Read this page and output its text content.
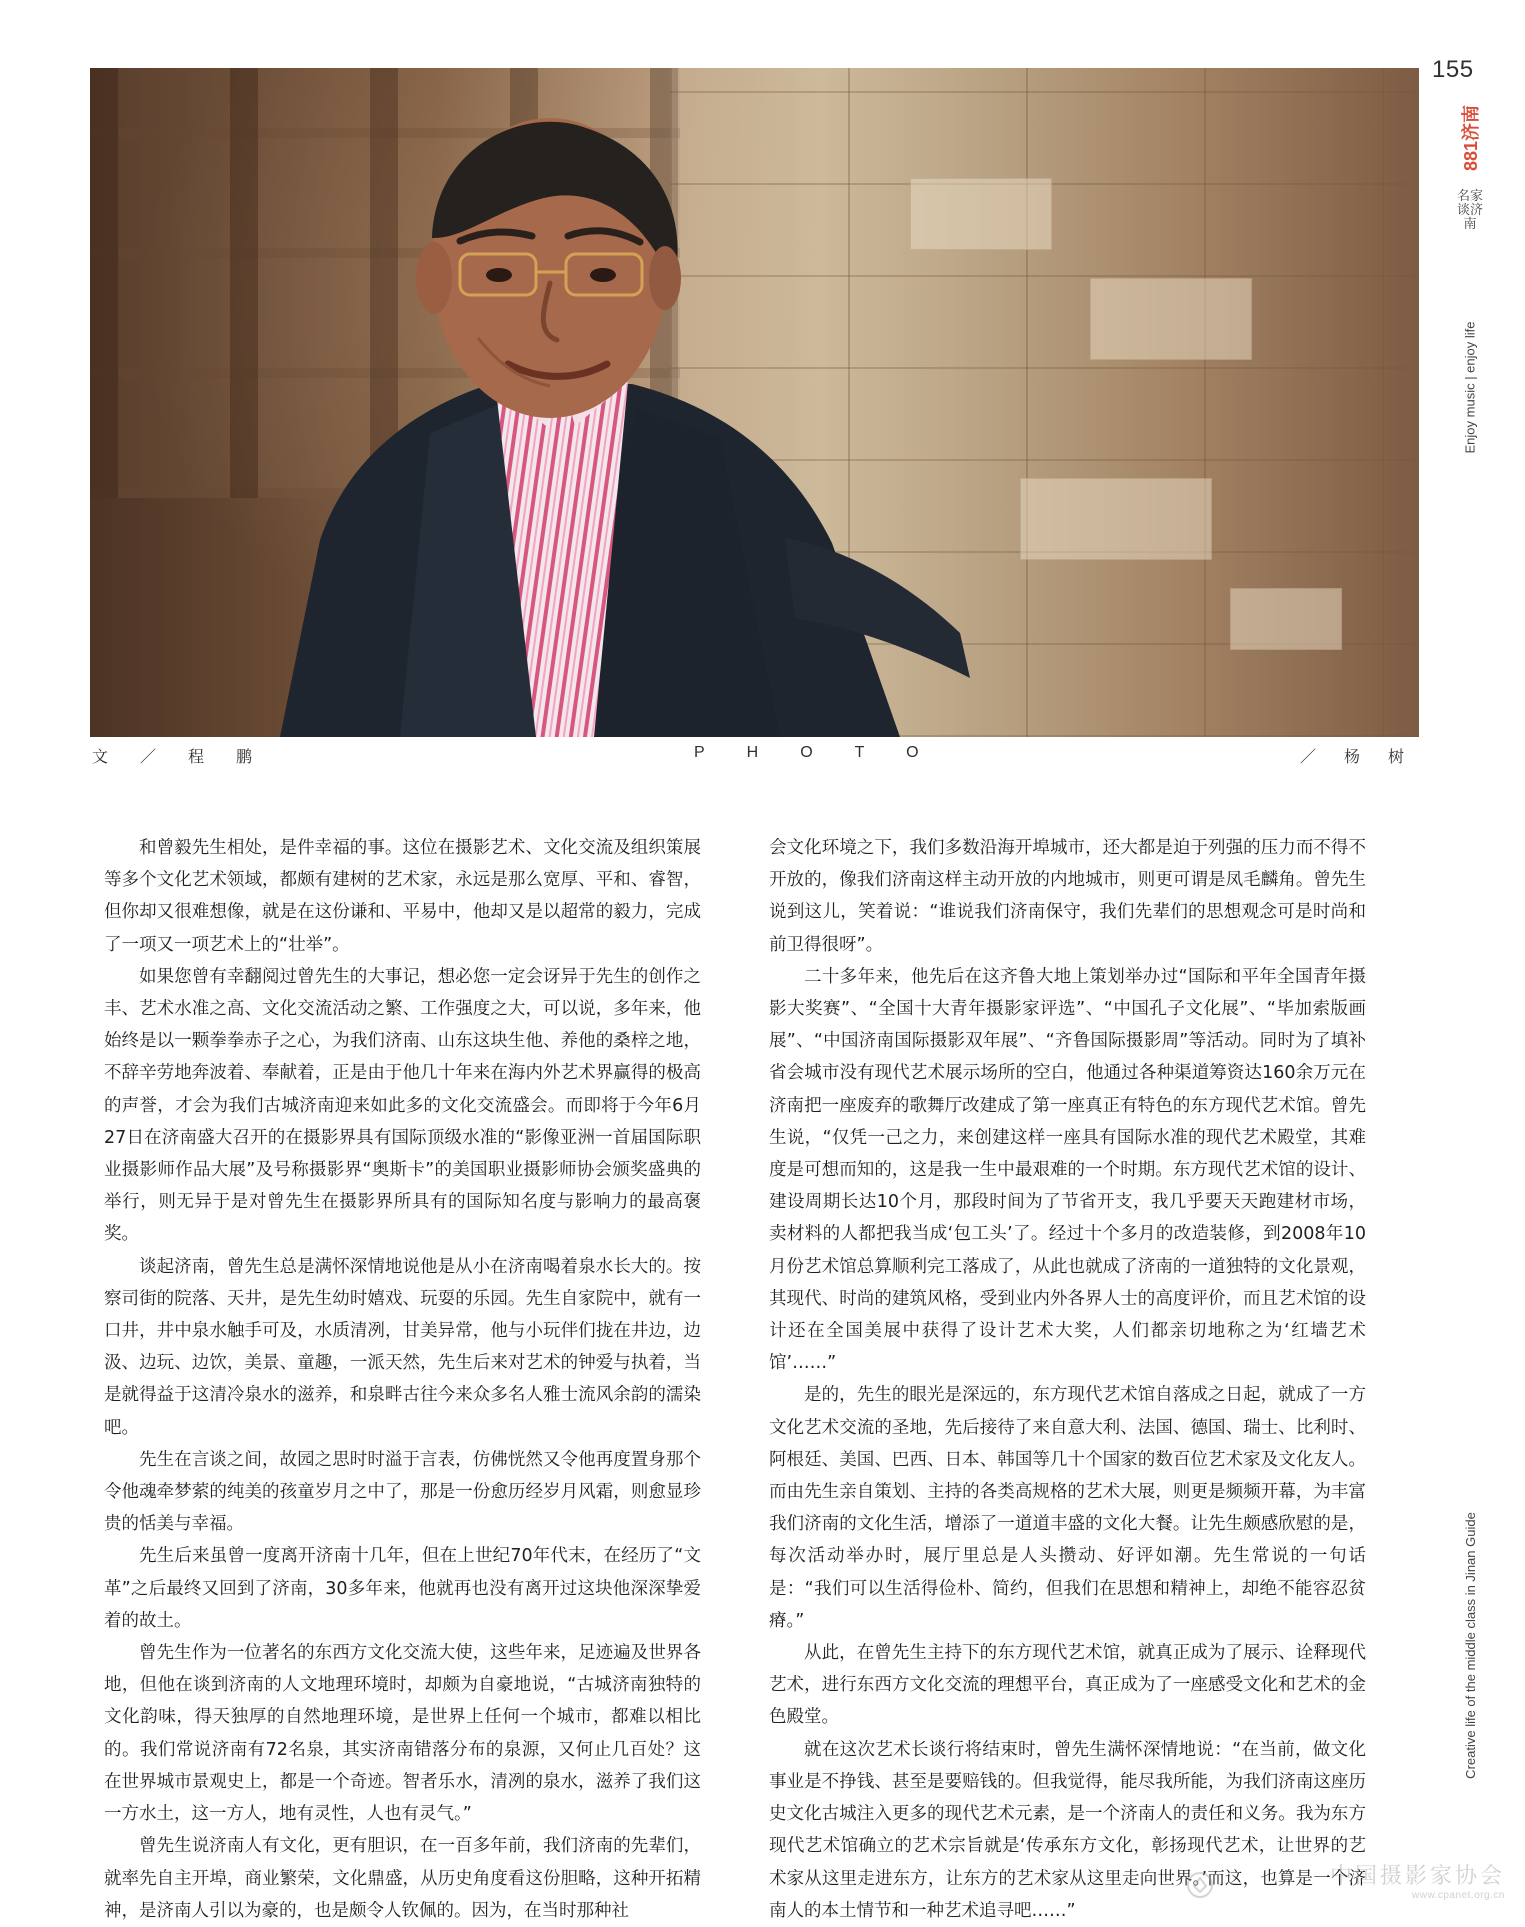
155
881济南
名家谈济南
Enjoy music | enjoy life
Creative life of the middle class in Jinan Guide
文／程鹏	PHOTO	／杨树

和曾毅先生相处，是件幸福的事。这位在摄影艺术、文化交流及组织策展等多个文化艺术领域，都颇有建树的艺术家，永远是那么宽厚、平和、睿智，但你却又很难想像，就是在这份谦和、平易中，他却又是以超常的毅力，完成了一项又一项艺术上的“壮举”。

如果您曾有幸翻阅过曾先生的大事记，想必您一定会讶异于先生的创作之丰、艺术水准之高、文化交流活动之繁、工作强度之大，可以说，多年来，他始终是以一颗拳拳赤子之心，为我们济南、山东这块生他、养他的桑梓之地，不辞辛劳地奔波着、奉献着，正是由于他几十年来在海内外艺术界赢得的极高的声誉，才会为我们古城济南迎来如此多的文化交流盛会。而即将于今年6月27日在济南盛大召开的在摄影界具有国际顶级水准的“影像亚洲一首届国际职业摄影师作品大展”及号称摄影界“奥斯卡”的美国职业摄影师协会颁奖盛典的举行，则无异于是对曾先生在摄影界所具有的国际知名度与影响力的最高褒奖。

谈起济南，曾先生总是满怀深情地说他是从小在济南喝着泉水长大的。按察司街的院落、天井，是先生幼时嬉戏、玩耍的乐园。先生自家院中，就有一口井，井中泉水触手可及，水质清冽，甘美异常，他与小玩伴们拢在井边，边汲、边玩、边饮，美景、童趣，一派天然，先生后来对艺术的钟爱与执着，当是就得益于这清冷泉水的滋养，和泉畔古往今来众多名人雅士流风余韵的濡染吧。

先生在言谈之间，故园之思时时溢于言表，仿佛恍然又令他再度置身那个令他魂牵梦萦的纯美的孩童岁月之中了，那是一份愈历经岁月风霜，则愈显珍贵的恬美与幸福。

先生后来虽曾一度离开济南十几年，但在上世纪70年代末，在经历了“文革”之后最终又回到了济南，30多年来，他就再也没有离开过这块他深深挚爱着的故土。

曾先生作为一位著名的东西方文化交流大使，这些年来，足迹遍及世界各地，但他在谈到济南的人文地理环境时，却颇为自豪地说，“古城济南独特的文化韵味，得天独厚的自然地理环境，是世界上任何一个城市，都难以相比的。我们常说济南有72名泉，其实济南错落分布的泉源，又何止几百处？这在世界城市景观史上，都是一个奇迹。智者乐水，清冽的泉水，滋养了我们这一方水土，这一方人，地有灵性，人也有灵气。”

曾先生说济南人有文化，更有胆识，在一百多年前，我们济南的先辈们，就率先自主开埠，商业繁荣，文化鼎盛，从历史角度看这份胆略，这种开拓精神，是济南人引以为豪的，也是颇令人钦佩的。因为，在当时那种社

会文化环境之下，我们多数沿海开埠城市，还大都是迫于列强的压力而不得不开放的，像我们济南这样主动开放的内地城市，则更可谓是凤毛麟角。曾先生说到这儿，笑着说：“谁说我们济南保守，我们先辈们的思想观念可是时尚和前卫得很呀”。

二十多年来，他先后在这齐鲁大地上策划举办过“国际和平年全国青年摄影大奖赛”、“全国十大青年摄影家评选”、“中国孔子文化展”、“毕加索版画展”、“中国济南国际摄影双年展”、“齐鲁国际摄影周”等活动。同时为了填补省会城市没有现代艺术展示场所的空白，他通过各种渠道筹资达160余万元在济南把一座废弃的歌舞厅改建成了第一座真正有特色的东方现代艺术馆。曾先生说，“仅凭一己之力，来创建这样一座具有国际水准的现代艺术殿堂，其难度是可想而知的，这是我一生中最艰难的一个时期。东方现代艺术馆的设计、建设周期长达10个月，那段时间为了节省开支，我几乎要天天跑建材市场，卖材料的人都把我当成‘包工头’了。经过十个多月的改造装修，到2008年10月份艺术馆总算顺利完工落成了，从此也就成了济南的一道独特的文化景观，其现代、时尚的建筑风格，受到业内外各界人士的高度评价，而且艺术馆的设计还在全国美展中获得了设计艺术大奖，人们都亲切地称之为‘红墙艺术馆’……”

是的，先生的眼光是深远的，东方现代艺术馆自落成之日起，就成了一方文化艺术交流的圣地，先后接待了来自意大利、法国、德国、瑞士、比利时、阿根廷、美国、巴西、日本、韩国等几十个国家的数百位艺术家及文化友人。而由先生亲自策划、主持的各类高规格的艺术大展，则更是频频开幕，为丰富我们济南的文化生活，增添了一道道丰盛的文化大餐。让先生颇感欣慰的是，每次活动举办时，展厅里总是人头攒动、好评如潮。先生常说的一句话是：“我们可以生活得俭朴、简约，但我们在思想和精神上，却绝不能容忍贫瘠。”

从此，在曾先生主持下的东方现代艺术馆，就真正成为了展示、诠释现代艺术，进行东西方文化交流的理想平台，真正成为了一座感受文化和艺术的金色殿堂。

就在这次艺术长谈行将结束时，曾先生满怀深情地说：“在当前，做文化事业是不挣钱、甚至是要赔钱的。但我觉得，能尽我所能，为我们济南这座历史文化古城注入更多的现代艺术元素，是一个济南人的责任和义务。我为东方现代艺术馆确立的艺术宗旨就是‘传承东方文化，彰扬现代艺术，让世界的艺术家从这里走进东方，让东方的艺术家从这里走向世界。’而这，也算是一个济南人的本土情节和一种艺术追寻吧……”

中国摄影家协会
www.cpanet.org.cn
